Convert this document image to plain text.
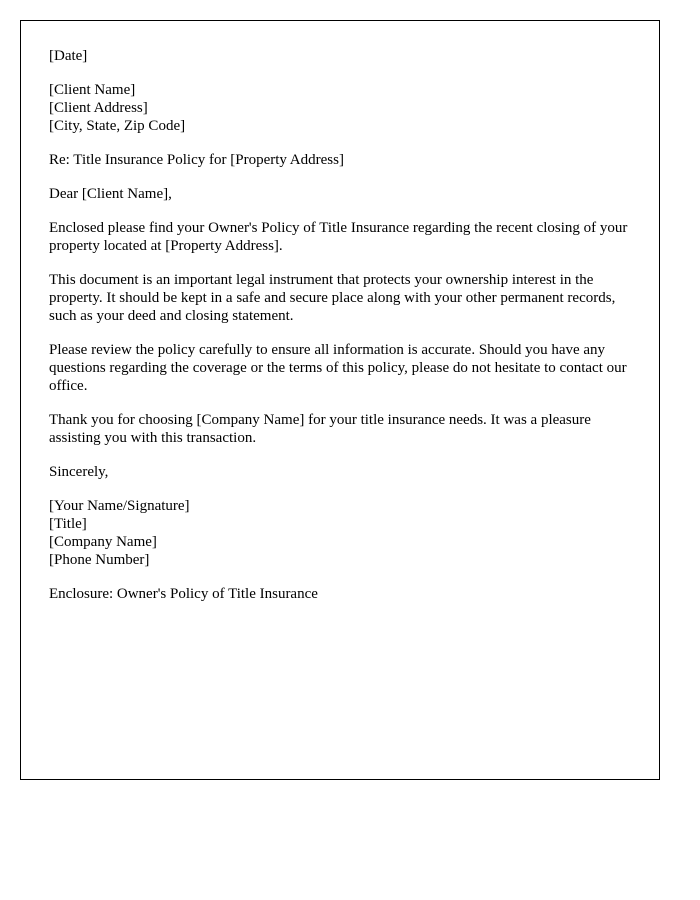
[Date]
[Client Name]
[Client Address]
[City, State, Zip Code]
Re: Title Insurance Policy for [Property Address]
Dear [Client Name],

Enclosed please find your Owner's Policy of Title Insurance regarding the recent closing of your property located at [Property Address].

This document is an important legal instrument that protects your ownership interest in the property. It should be kept in a safe and secure place along with your other permanent records, such as your deed and closing statement.

Please review the policy carefully to ensure all information is accurate. Should you have any questions regarding the coverage or the terms of this policy, please do not hesitate to contact our office.

Thank you for choosing [Company Name] for your title insurance needs. It was a pleasure assisting you with this transaction.

Sincerely,
[Your Name/Signature]
[Title]
[Company Name]
[Phone Number]
Enclosure: Owner's Policy of Title Insurance
